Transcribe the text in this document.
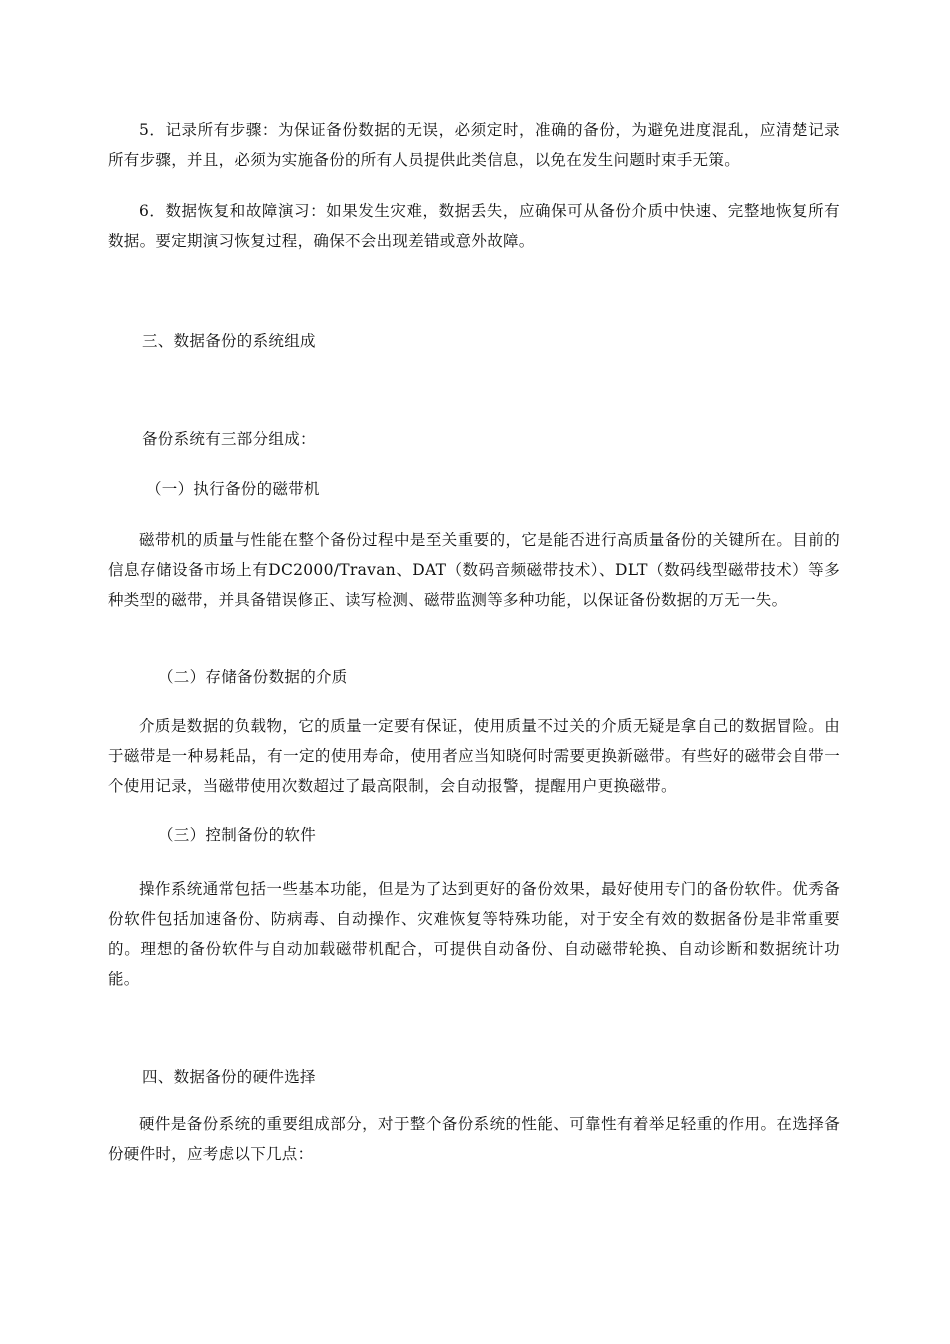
5．记录所有步骤：为保证备份数据的无误，必须定时，准确的备份，为避免进度混乱，应清楚记录所有步骤，并且，必须为实施备份的所有人员提供此类信息，以免在发生问题时束手无策。

6．数据恢复和故障演习：如果发生灾难，数据丢失，应确保可从备份介质中快速、完整地恢复所有数据。要定期演习恢复过程，确保不会出现差错或意外故障。

三、数据备份的系统组成

备份系统有三部分组成：

（一）执行备份的磁带机

磁带机的质量与性能在整个备份过程中是至关重要的，它是能否进行高质量备份的关键所在。目前的信息存储设备市场上有DC2000/Travan、DAT（数码音频磁带技术）、DLT（数码线型磁带技术）等多种类型的磁带，并具备错误修正、读写检测、磁带监测等多种功能，以保证备份数据的万无一失。

（二）存储备份数据的介质

介质是数据的负载物，它的质量一定要有保证，使用质量不过关的介质无疑是拿自己的数据冒险。由于磁带是一种易耗品，有一定的使用寿命，使用者应当知晓何时需要更换新磁带。有些好的磁带会自带一个使用记录，当磁带使用次数超过了最高限制，会自动报警，提醒用户更换磁带。

（三）控制备份的软件

操作系统通常包括一些基本功能，但是为了达到更好的备份效果，最好使用专门的备份软件。优秀备份软件包括加速备份、防病毒、自动操作、灾难恢复等特殊功能，对于安全有效的数据备份是非常重要的。理想的备份软件与自动加载磁带机配合，可提供自动备份、自动磁带轮换、自动诊断和数据统计功能。

四、数据备份的硬件选择

硬件是备份系统的重要组成部分，对于整个备份系统的性能、可靠性有着举足轻重的作用。在选择备份硬件时，应考虑以下几点：
